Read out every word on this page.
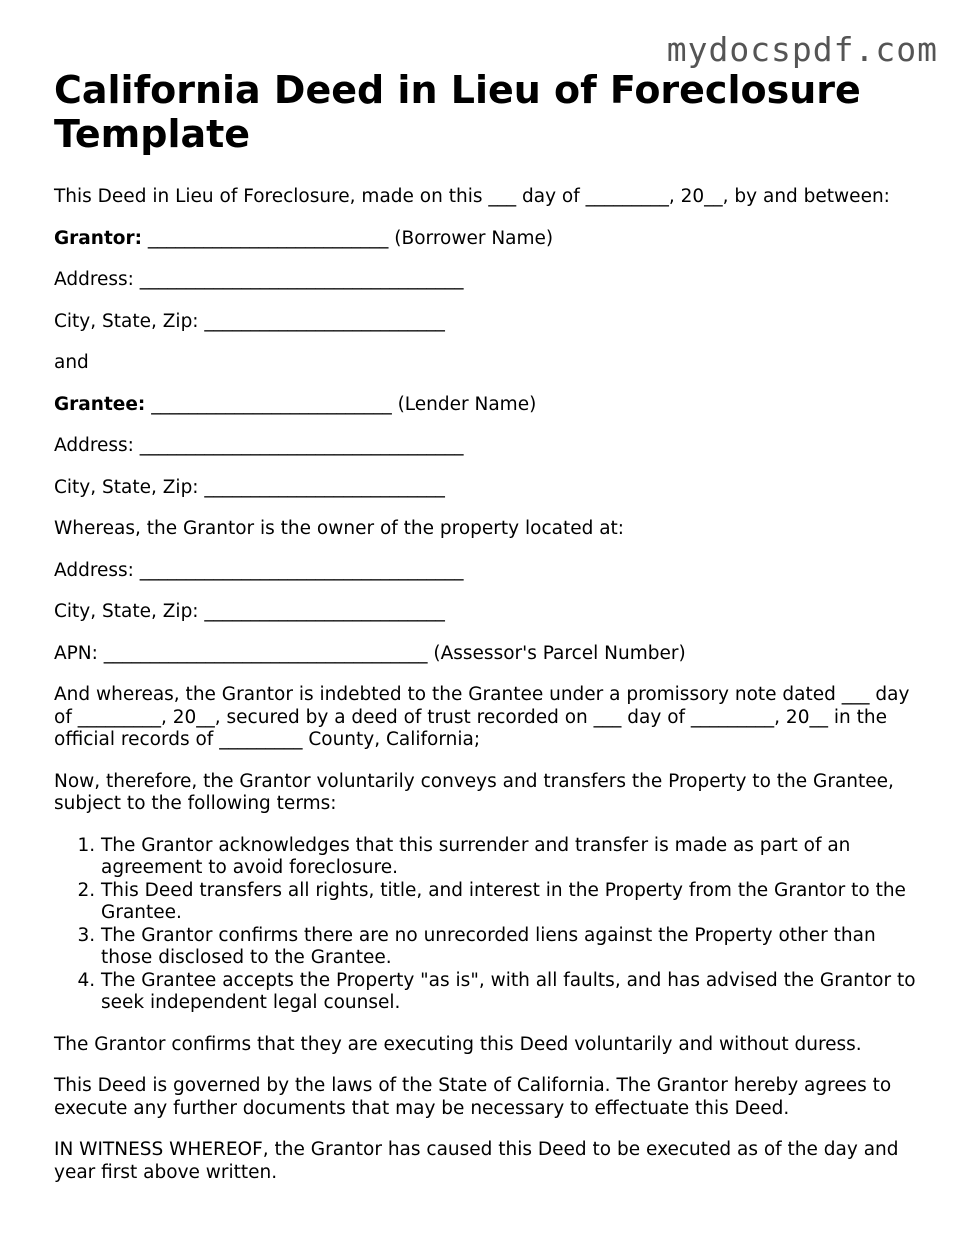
mydocspdf.com
California Deed in Lieu of Foreclosure Template

This Deed in Lieu of Foreclosure, made on this ___ day of _________, 20__, by and between:

Grantor: __________________________ (Borrower Name)

Address: ___________________________________

City, State, Zip: __________________________

and

Grantee: __________________________ (Lender Name)

Address: ___________________________________

City, State, Zip: __________________________

Whereas, the Grantor is the owner of the property located at:

Address: ___________________________________

City, State, Zip: __________________________

APN: ___________________________________ (Assessor's Parcel Number)

And whereas, the Grantor is indebted to the Grantee under a promissory note dated ___ day of _________, 20__, secured by a deed of trust recorded on ___ day of _________, 20__ in the official records of _________ County, California;

Now, therefore, the Grantor voluntarily conveys and transfers the Property to the Grantee, subject to the following terms:

1. The Grantor acknowledges that this surrender and transfer is made as part of an agreement to avoid foreclosure.
2. This Deed transfers all rights, title, and interest in the Property from the Grantor to the Grantee.
3. The Grantor confirms there are no unrecorded liens against the Property other than those disclosed to the Grantee.
4. The Grantee accepts the Property "as is", with all faults, and has advised the Grantor to seek independent legal counsel.

The Grantor confirms that they are executing this Deed voluntarily and without duress.

This Deed is governed by the laws of the State of California. The Grantor hereby agrees to execute any further documents that may be necessary to effectuate this Deed.

IN WITNESS WHEREOF, the Grantor has caused this Deed to be executed as of the day and year first above written.
